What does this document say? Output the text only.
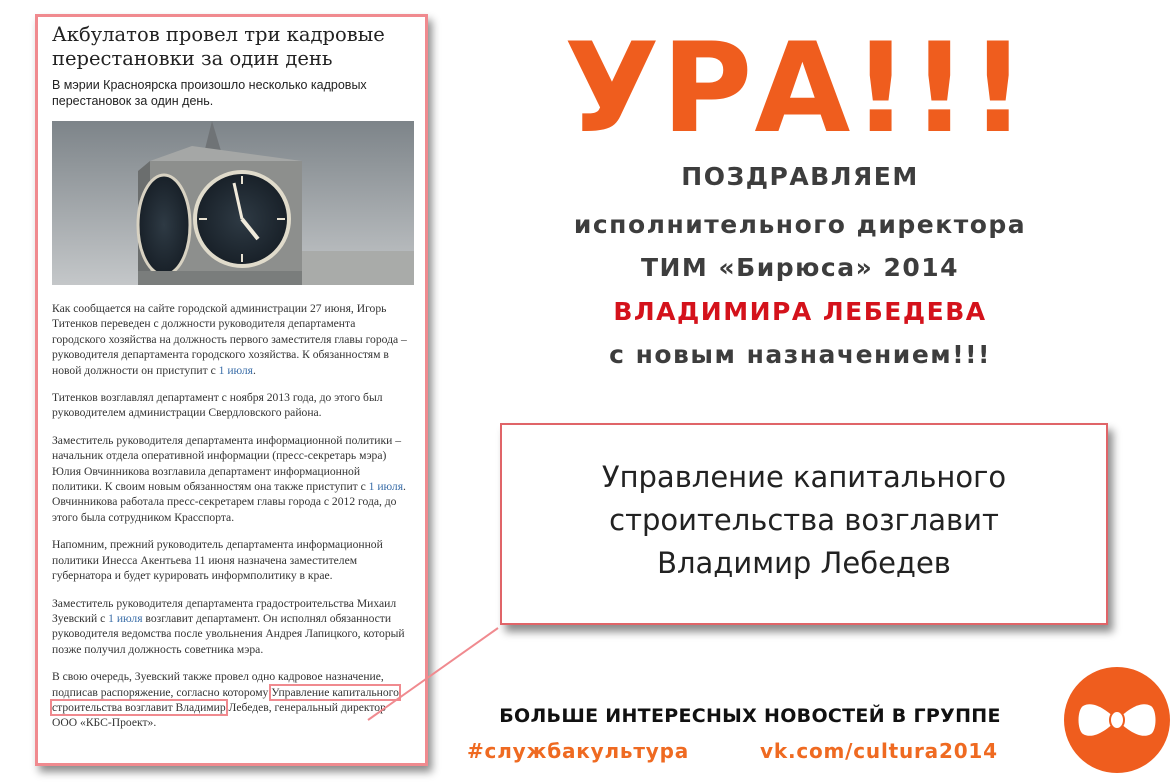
Акбулатов провел три кадровые перестановки за один день

В мэрии Красноярска произошло несколько кадровых перестановок за один день.

Как сообщается на сайте городской администрации 27 июня, Игорь Титенков переведен с должности руководителя департамента городского хозяйства на должность первого заместителя главы города – руководителя департамента городского хозяйства. К обязанностям в новой должности он приступит с 1 июля.

Титенков возглавлял департамент с ноября 2013 года, до этого был руководителем администрации Свердловского района.

Заместитель руководителя департамента информационной политики – начальник отдела оперативной информации (пресс-секретарь мэра) Юлия Овчинникова возглавила департамент информационной политики. К своим новым обязанностям она также приступит с 1 июля. Овчинникова работала пресс-секретарем главы города с 2012 года, до этого была сотрудником Красспорта.

Напомним, прежний руководитель департамента информационной политики Инесса Акентьева 11 июня назначена заместителем губернатора и будет курировать информполитику в крае.

Заместитель руководителя департамента градостроительства Михаил Зуевский с 1 июля возглавит департамент. Он исполнял обязанности руководителя ведомства после увольнения Андрея Лапицкого, который позже получил должность советника мэра.

В свою очередь, Зуевский также провел одно кадровое назначение, подписав распоряжение, согласно которому Управление капитального строительства возглавит Владимир Лебедев, генеральный директор ООО «КБС-Проект».

УРА!!!
ПОЗДРАВЛЯЕМ
исполнительного директора
ТИМ «Бирюса» 2014
ВЛАДИМИРА ЛЕБЕДЕВА
с новым назначением!!!
Управление капитального
строительства возглавит
Владимир Лебедев
БОЛЬШЕ ИНТЕРЕСНЫХ НОВОСТЕЙ В ГРУППЕ
#службакультура	vk.com/cultura2014
